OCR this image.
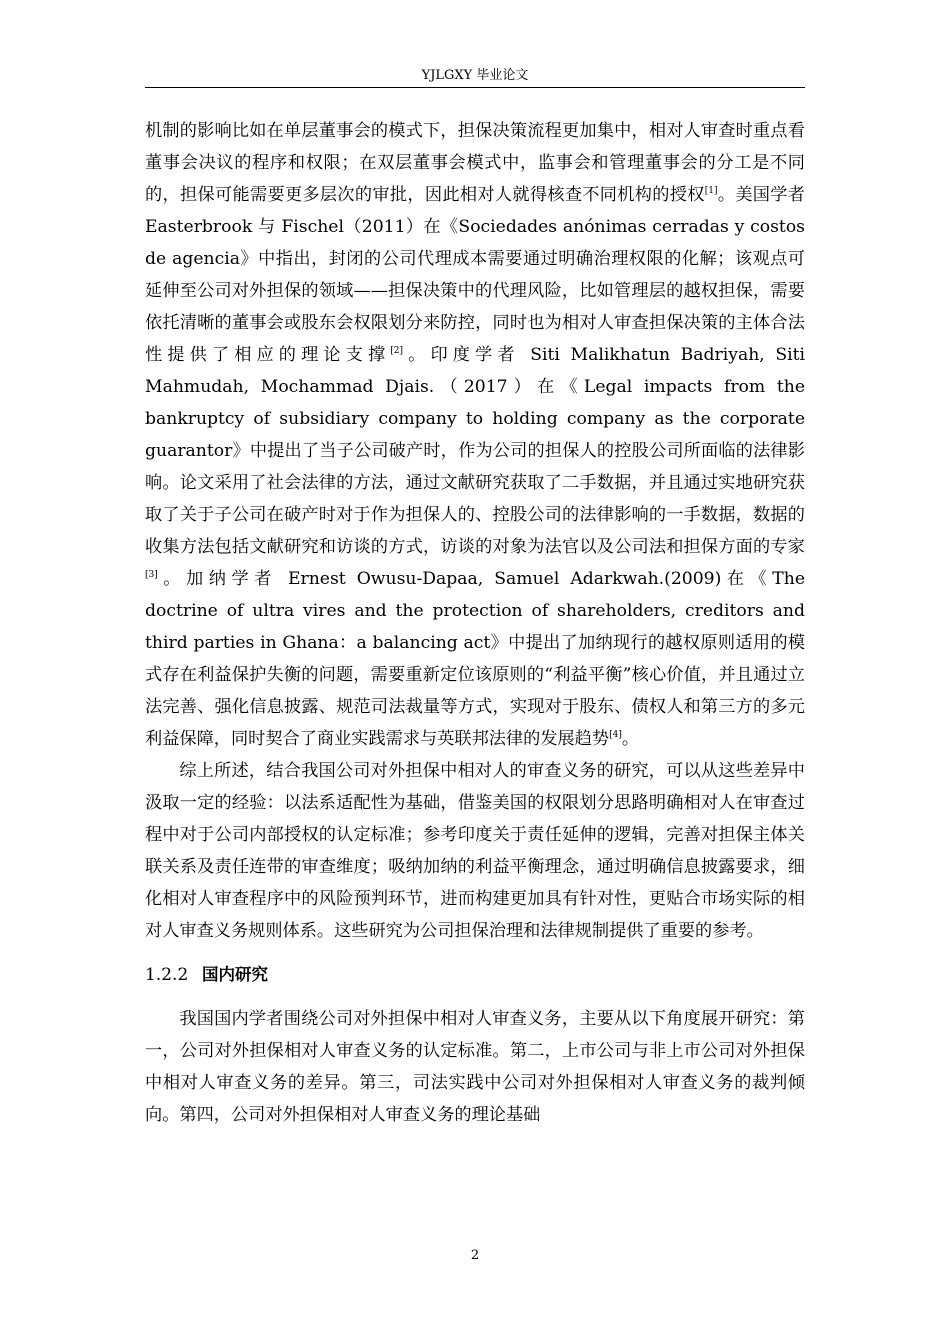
YJLGXY 毕业论文

机制的影响比如在单层董事会的模式下，担保决策流程更加集中，相对人审查时重点看董事会决议的程序和权限；在双层董事会模式中，监事会和管理董事会的分工是不同的，担保可能需要更多层次的审批，因此相对人就得核查不同机构的授权[1]。美国学者 Easterbrook 与 Fischel（2011）在《Sociedades anónimas cerradas y costos de agencia》中指出，封闭的公司代理成本需要通过明确治理权限的化解；该观点可延伸至公司对外担保的领域——担保决策中的代理风险，比如管理层的越权担保，需要依托清晰的董事会或股东会权限划分来防控，同时也为相对人审查担保决策的主体合法性提供了相应的理论支撑[2]。印度学者 Siti Malikhatun Badriyah, Siti Mahmudah, Mochammad Djais.（2017）在《Legal impacts from the bankruptcy of subsidiary company to holding company as the corporate guarantor》中提出了当子公司破产时，作为公司的担保人的控股公司所面临的法律影响。论文采用了社会法律的方法，通过文献研究获取了二手数据，并且通过实地研究获取了关于子公司在破产时对于作为担保人的、控股公司的法律影响的一手数据，数据的收集方法包括文献研究和访谈的方式，访谈的对象为法官以及公司法和担保方面的专家[3]。加纳学者 Ernest Owusu-Dapaa, Samuel Adarkwah.(2009)在《The doctrine of ultra vires and the protection of shareholders, creditors and third parties in Ghana：a balancing act》中提出了加纳现行的越权原则适用的模式存在利益保护失衡的问题，需要重新定位该原则的“利益平衡”核心价值，并且通过立法完善、强化信息披露、规范司法裁量等方式，实现对于股东、债权人和第三方的多元利益保障，同时契合了商业实践需求与英联邦法律的发展趋势[4]。

综上所述，结合我国公司对外担保中相对人的审查义务的研究，可以从这些差异中汲取一定的经验：以法系适配性为基础，借鉴美国的权限划分思路明确相对人在审查过程中对于公司内部授权的认定标准；参考印度关于责任延伸的逻辑，完善对担保主体关联关系及责任连带的审查维度；吸纳加纳的利益平衡理念，通过明确信息披露要求，细化相对人审查程序中的风险预判环节，进而构建更加具有针对性，更贴合市场实际的相对人审查义务规则体系。这些研究为公司担保治理和法律规制提供了重要的参考。

1.2.2 国内研究

我国国内学者围绕公司对外担保中相对人审查义务，主要从以下角度展开研究：第一，公司对外担保相对人审查义务的认定标准。第二，上市公司与非上市公司对外担保中相对人审查义务的差异。第三，司法实践中公司对外担保相对人审查义务的裁判倾向。第四，公司对外担保相对人审查义务的理论基础

2
